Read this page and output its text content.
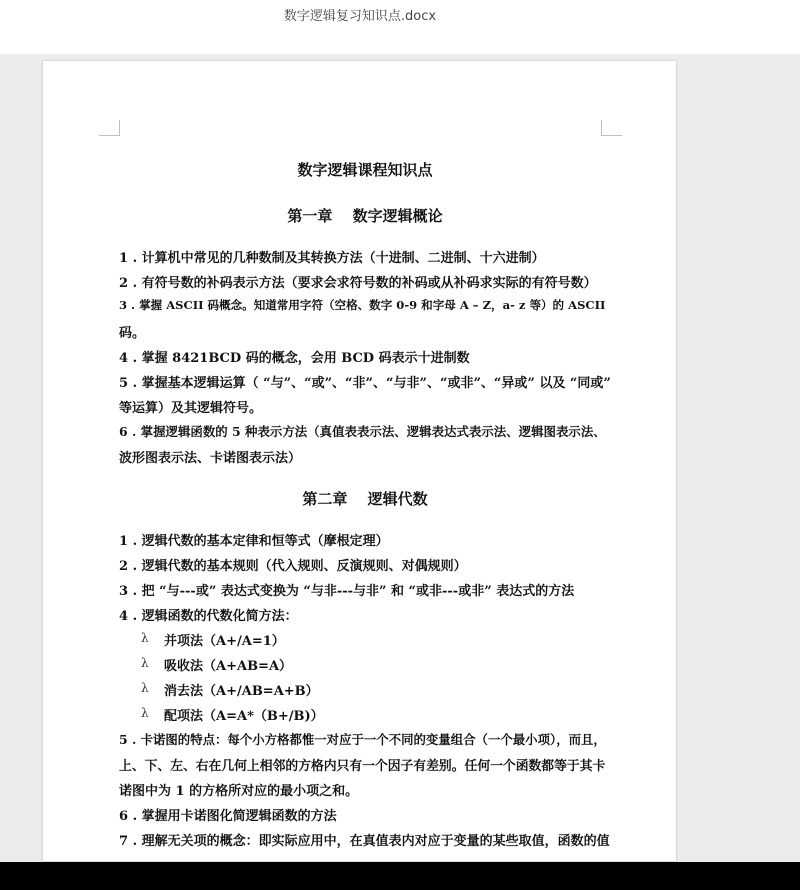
数字逻辑复习知识点.docx
数字逻辑课程知识点
第一章　 数字逻辑概论
1 . 计算机中常见的几种数制及其转换方法（十进制、二进制、十六进制）
2 . 有符号数的补码表示方法（要求会求符号数的补码或从补码求实际的有符号数）
3 . 掌握 ASCII 码概念。知道常用字符（空格、数字 0-9 和字母 A – Z，a- z 等）的 ASCII
码。
4 . 掌握 8421BCD 码的概念，会用 BCD 码表示十进制数
5 . 掌握基本逻辑运算（ “与”、“或”、“非”、“与非”、“或非”、“异或” 以及 “同或”
等运算）及其逻辑符号。
6 . 掌握逻辑函数的 5 种表示方法（真值表表示法、逻辑表达式表示法、逻辑图表示法、
波形图表示法、卡诺图表示法）
第二章　 逻辑代数
1 . 逻辑代数的基本定律和恒等式（摩根定理）
2 . 逻辑代数的基本规则（代入规则、反演规则、对偶规则）
3 . 把 “与---或” 表达式变换为 “与非---与非” 和 “或非---或非” 表达式的方法
4 . 逻辑函数的代数化简方法：
λ 并项法（A+/A=1）
λ 吸收法（A+AB=A）
λ 消去法（A+/AB=A+B）
λ 配项法（A=A*（B+/B)）
5 . 卡诺图的特点：每个小方格都惟一对应于一个不同的变量组合（一个最小项），而且，
上、下、左、右在几何上相邻的方格内只有一个因子有差别。任何一个函数都等于其卡
诺图中为 1 的方格所对应的最小项之和。
6 . 掌握用卡诺图化简逻辑函数的方法
7 . 理解无关项的概念：即实际应用中，在真值表内对应于变量的某些取值，函数的值
